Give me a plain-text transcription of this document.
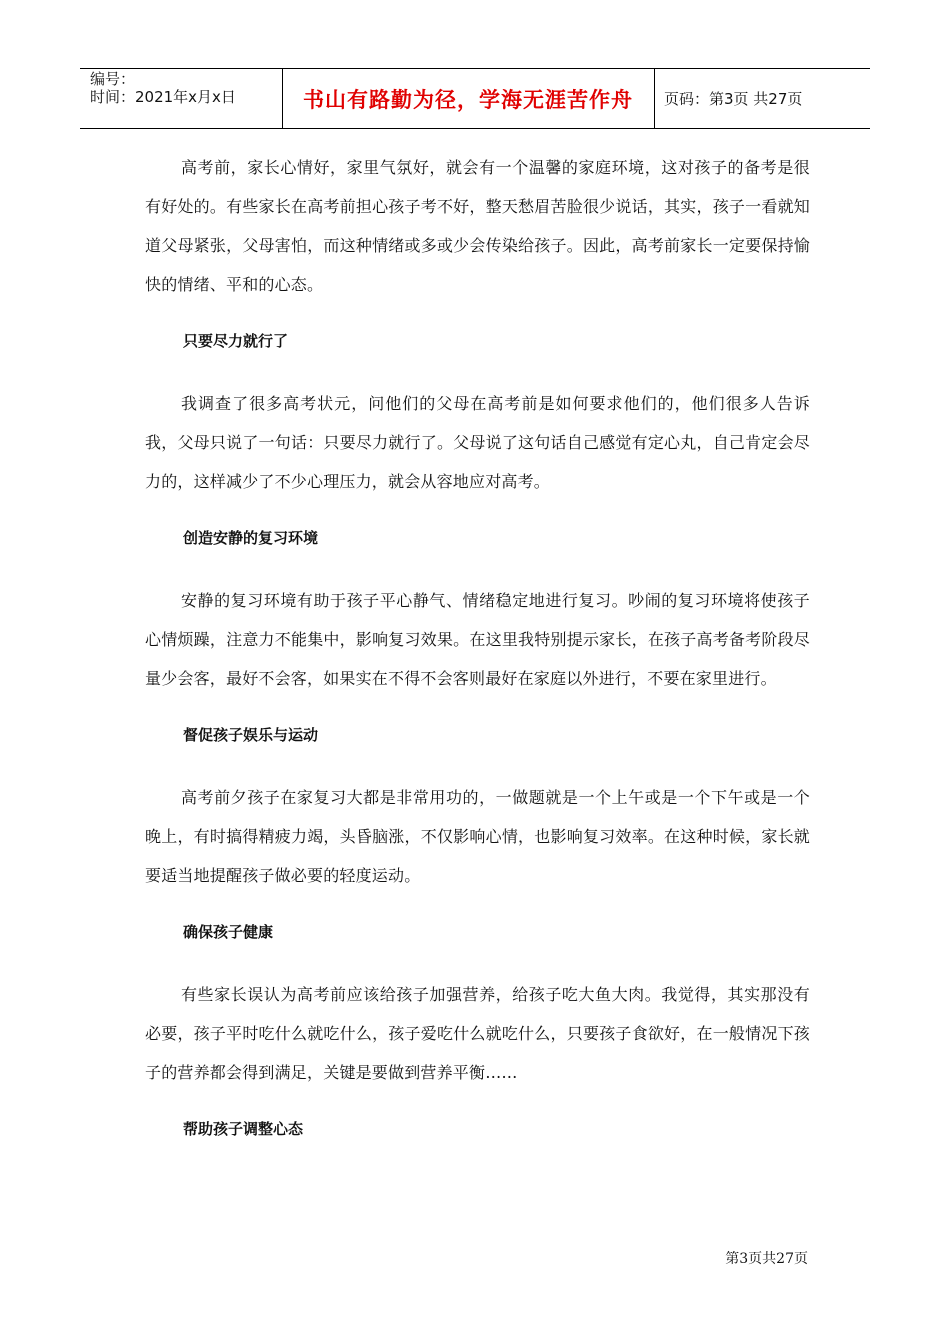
编号：
时间：2021年x月x日	书山有路勤为径，学海无涯苦作舟 页码：第3页 共27页

高考前，家长心情好，家里气氛好，就会有一个温馨的家庭环境，这对孩子的备考是很有好处的。有些家长在高考前担心孩子考不好，整天愁眉苦脸很少说话，其实，孩子一看就知道父母紧张，父母害怕，而这种情绪或多或少会传染给孩子。因此，高考前家长一定要保持愉快的情绪、平和的心态。

只要尽力就行了

我调查了很多高考状元，问他们的父母在高考前是如何要求他们的，他们很多人告诉我，父母只说了一句话：只要尽力就行了。父母说了这句话自己感觉有定心丸，自己肯定会尽力的，这样减少了不少心理压力，就会从容地应对高考。

创造安静的复习环境

安静的复习环境有助于孩子平心静气、情绪稳定地进行复习。吵闹的复习环境将使孩子心情烦躁，注意力不能集中，影响复习效果。在这里我特别提示家长，在孩子高考备考阶段尽量少会客，最好不会客，如果实在不得不会客则最好在家庭以外进行，不要在家里进行。

督促孩子娱乐与运动

高考前夕孩子在家复习大都是非常用功的，一做题就是一个上午或是一个下午或是一个晚上，有时搞得精疲力竭，头昏脑涨，不仅影响心情，也影响复习效率。在这种时候，家长就要适当地提醒孩子做必要的轻度运动。

确保孩子健康

有些家长误认为高考前应该给孩子加强营养，给孩子吃大鱼大肉。我觉得，其实那没有必要，孩子平时吃什么就吃什么，孩子爱吃什么就吃什么，只要孩子食欲好，在一般情况下孩子的营养都会得到满足，关键是要做到营养平衡……

帮助孩子调整心态

第3页共27页
